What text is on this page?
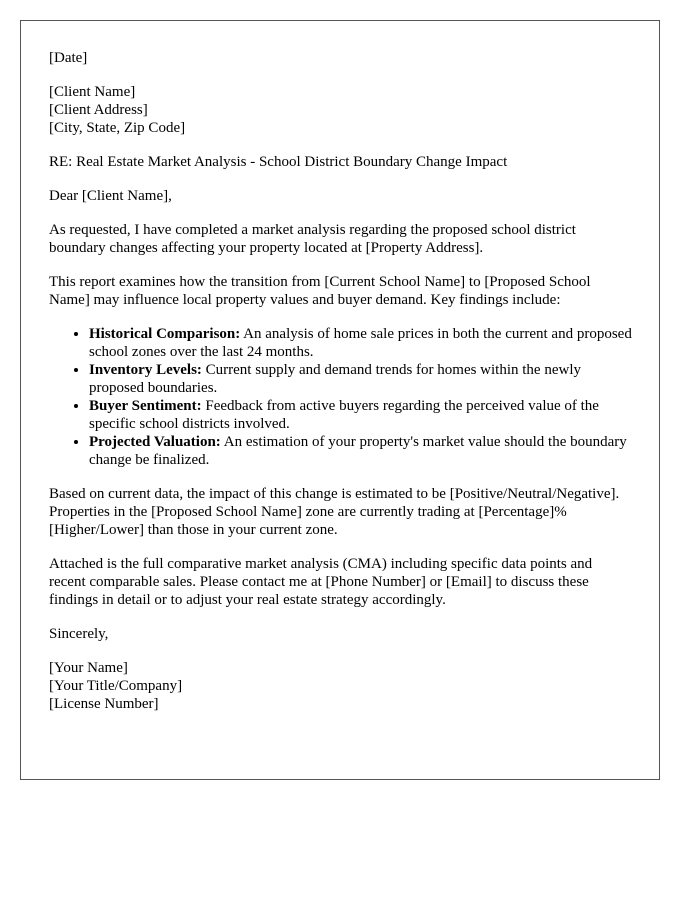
[Date]

[Client Name]
[Client Address]
[City, State, Zip Code]

RE: Real Estate Market Analysis - School District Boundary Change Impact

Dear [Client Name],

As requested, I have completed a market analysis regarding the proposed school district boundary changes affecting your property located at [Property Address].

This report examines how the transition from [Current School Name] to [Proposed School Name] may influence local property values and buyer demand. Key findings include:

• Historical Comparison: An analysis of home sale prices in both the current and proposed school zones over the last 24 months.
• Inventory Levels: Current supply and demand trends for homes within the newly proposed boundaries.
• Buyer Sentiment: Feedback from active buyers regarding the perceived value of the specific school districts involved.
• Projected Valuation: An estimation of your property's market value should the boundary change be finalized.

Based on current data, the impact of this change is estimated to be [Positive/Neutral/Negative]. Properties in the [Proposed School Name] zone are currently trading at [Percentage]% [Higher/Lower] than those in your current zone.

Attached is the full comparative market analysis (CMA) including specific data points and recent comparable sales. Please contact me at [Phone Number] or [Email] to discuss these findings in detail or to adjust your real estate strategy accordingly.

Sincerely,

[Your Name]
[Your Title/Company]
[License Number]
